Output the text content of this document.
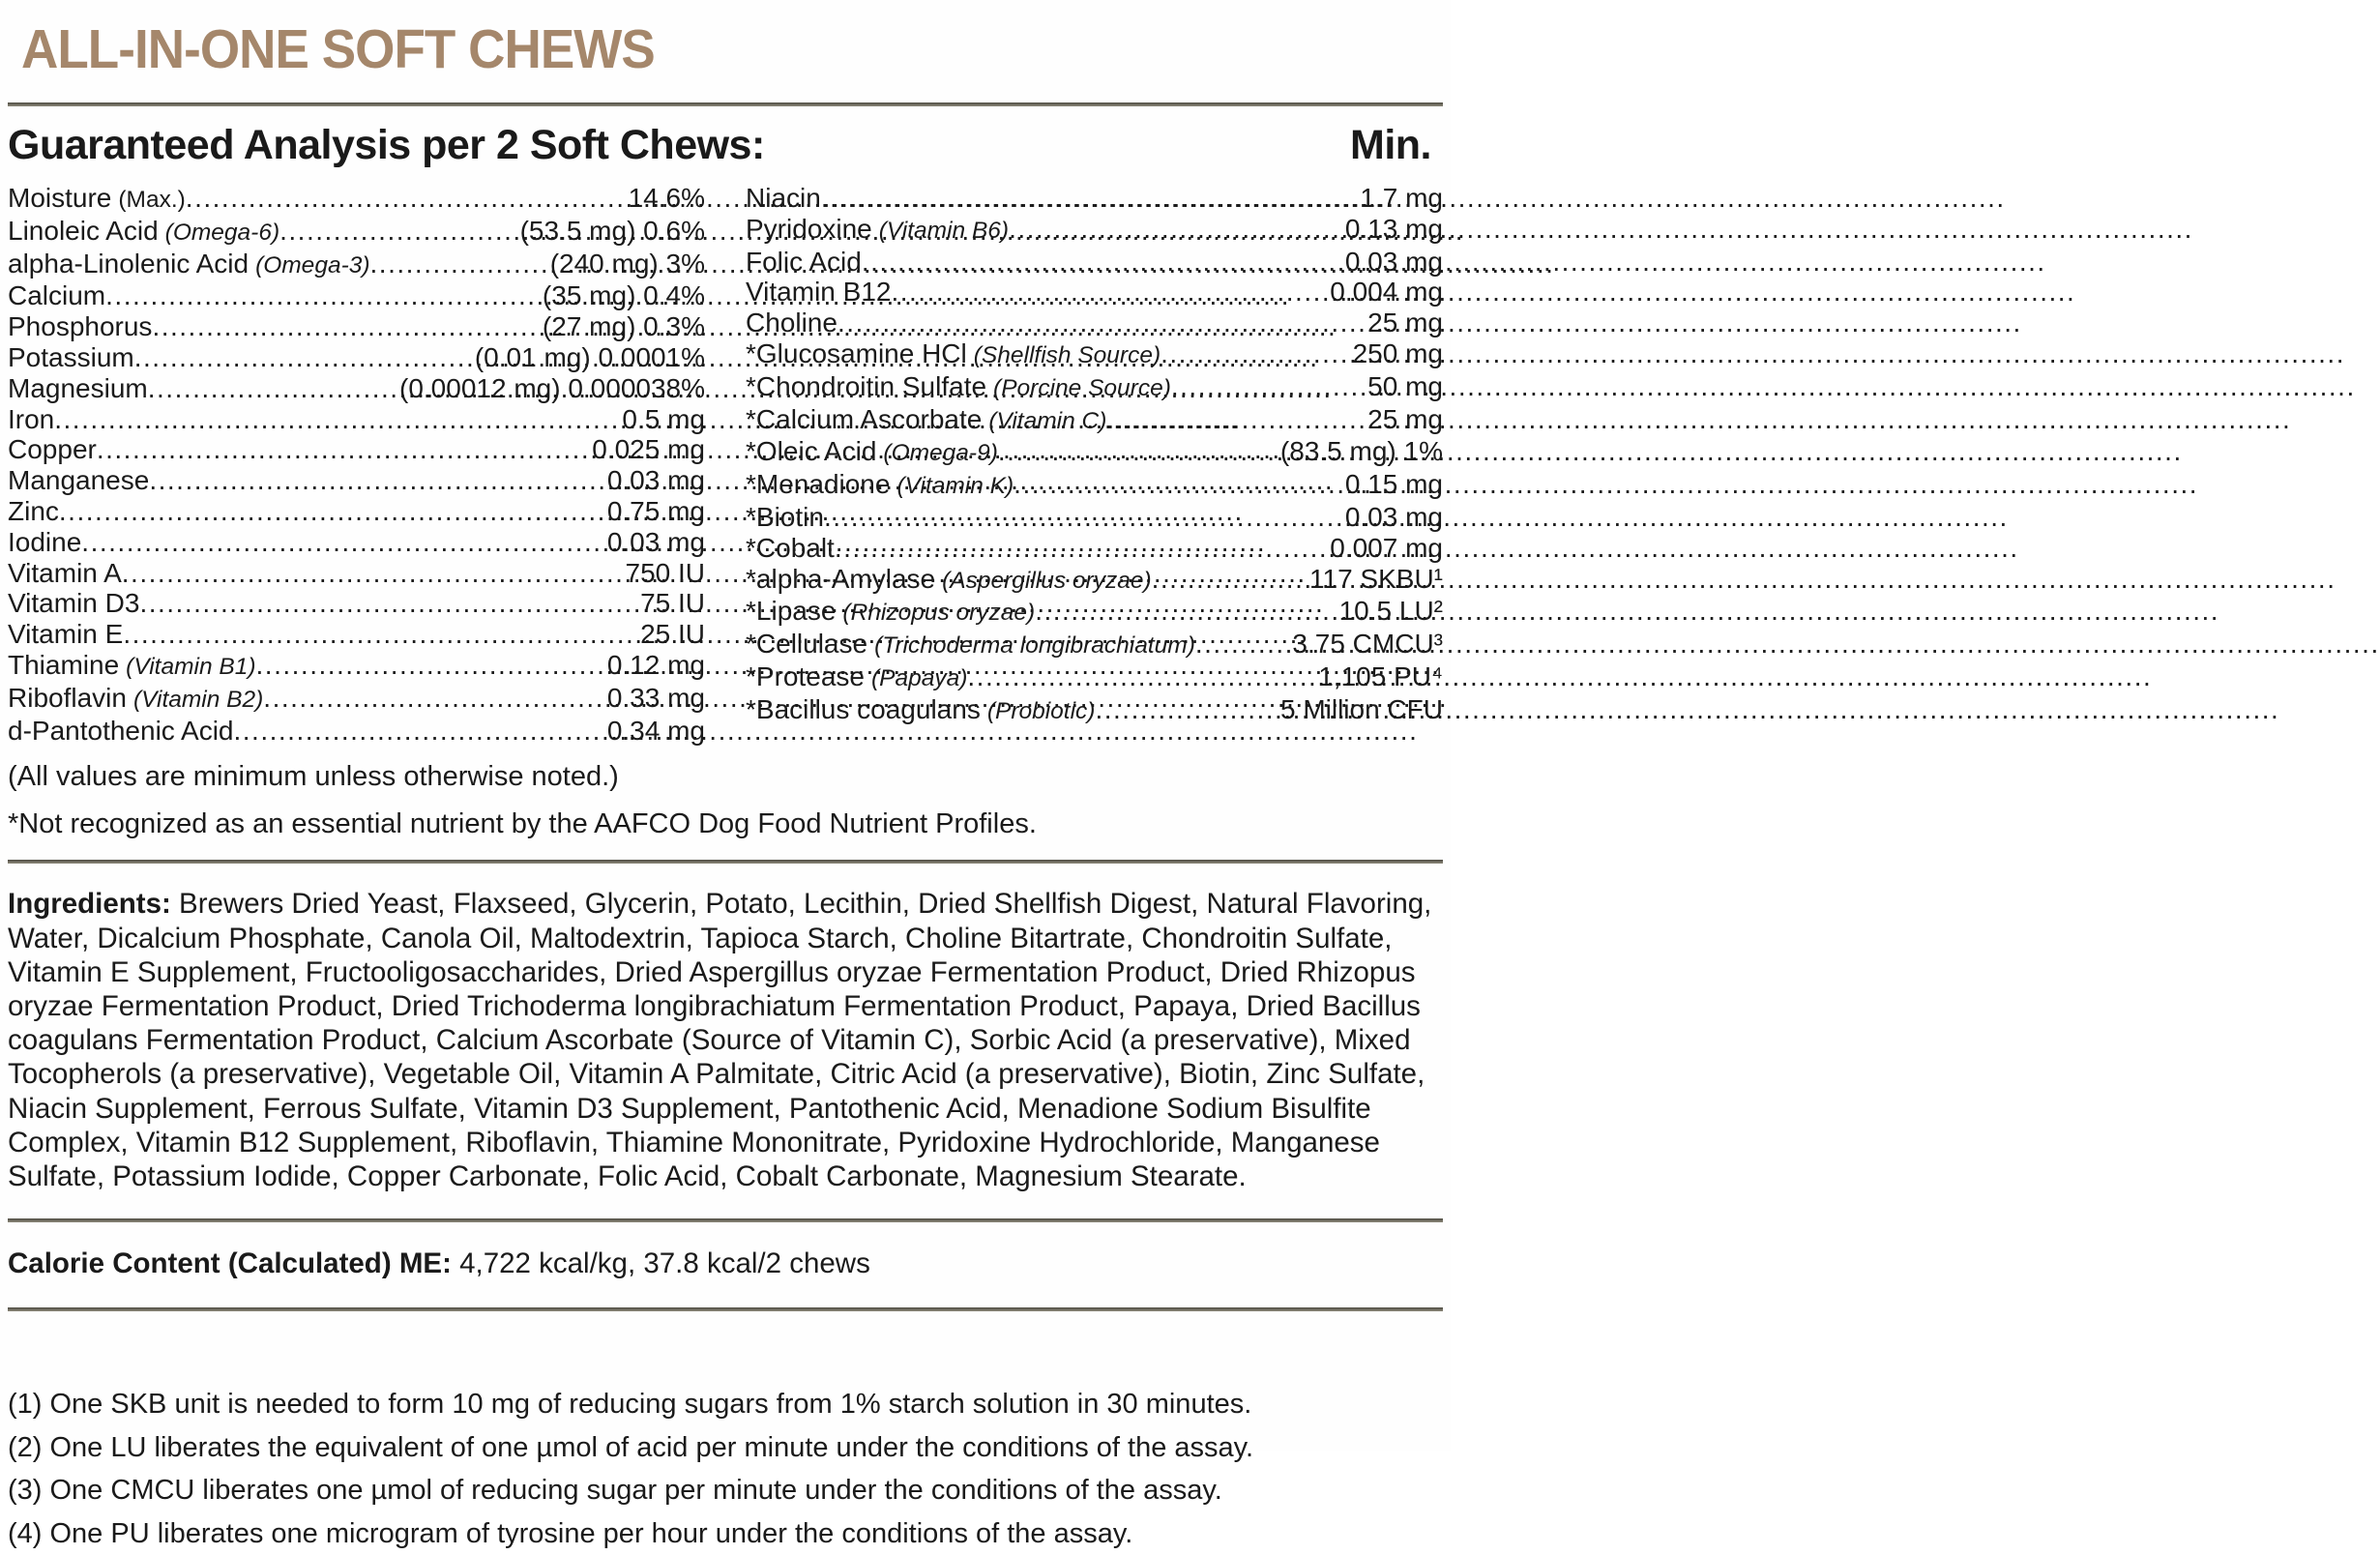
ALL-IN-ONE SOFT CHEWS
Guaranteed Analysis per 2 Soft Chews:	Min.
Moisture (Max.) .....	14.6%
Linoleic Acid (Omega-6) .....	(53.5 mg) 0.6%
alpha-Linolenic Acid (Omega-3) .....	(240 mg) 3%
Calcium .....	(35 mg) 0.4%
Phosphorus .....	(27 mg) 0.3%
Potassium .....	(0.01 mg) 0.0001%
Magnesium .....	(0.00012 mg) 0.000038%
Iron .....	0.5 mg
Copper .....	0.025 mg
Manganese .....	0.03 mg
Zinc .....	0.75 mg
Iodine .....	0.03 mg
Vitamin A .....	750 IU
Vitamin D3 .....	75 IU
Vitamin E .....	25 IU
Thiamine (Vitamin B1) .....	0.12 mg
Riboflavin (Vitamin B2) .....	0.33 mg
d-Pantothenic Acid .....	0.34 mg
Niacin .....	1.7 mg
Pyridoxine (Vitamin B6) .....	0.13 mg
Folic Acid .....	0.03 mg
Vitamin B12 .....	0.004 mg
Choline .....	25 mg
*Glucosamine HCl (Shellfish Source) .....	250 mg
*Chondroitin Sulfate (Porcine Source) .....	50 mg
*Calcium Ascorbate (Vitamin C) .....	25 mg
*Oleic Acid (Omega-9) .....	(83.5 mg) 1%
*Menadione (Vitamin K) .....	0.15 mg
*Biotin .....	0.03 mg
*Cobalt .....	0.007 mg
*alpha-Amylase (Aspergillus oryzae) .....	117 SKBU¹
*Lipase (Rhizopus oryzae) .....	10.5 LU²
*Cellulase (Trichoderma longibrachiatum) .....	3.75 CMCU³
*Protease (Papaya) .....	1,105 PU⁴
*Bacillus coagulans (Probiotic) .....	5 Million CFU
(All values are minimum unless otherwise noted.)
*Not recognized as an essential nutrient by the AAFCO Dog Food Nutrient Profiles.

Ingredients: Brewers Dried Yeast, Flaxseed, Glycerin, Potato, Lecithin, Dried Shellfish Digest, Natural Flavoring, Water, Dicalcium Phosphate, Canola Oil, Maltodextrin, Tapioca Starch, Choline Bitartrate, Chondroitin Sulfate, Vitamin E Supplement, Fructooligosaccharides, Dried Aspergillus oryzae Fermentation Product, Dried Rhizopus oryzae Fermentation Product, Dried Trichoderma longibrachiatum Fermentation Product, Papaya, Dried Bacillus coagulans Fermentation Product, Calcium Ascorbate (Source of Vitamin C), Sorbic Acid (a preservative), Mixed Tocopherols (a preservative), Vegetable Oil, Vitamin A Palmitate, Citric Acid (a preservative), Biotin, Zinc Sulfate, Niacin Supplement, Ferrous Sulfate, Vitamin D3 Supplement, Pantothenic Acid, Menadione Sodium Bisulfite Complex, Vitamin B12 Supplement, Riboflavin, Thiamine Mononitrate, Pyridoxine Hydrochloride, Manganese Sulfate, Potassium Iodide, Copper Carbonate, Folic Acid, Cobalt Carbonate, Magnesium Stearate.

Calorie Content (Calculated) ME: 4,722 kcal/kg, 37.8 kcal/2 chews

(1) One SKB unit is needed to form 10 mg of reducing sugars from 1% starch solution in 30 minutes.
(2) One LU liberates the equivalent of one µmol of acid per minute under the conditions of the assay.
(3) One CMCU liberates one µmol of reducing sugar per minute under the conditions of the assay.
(4) One PU liberates one microgram of tyrosine per hour under the conditions of the assay.
